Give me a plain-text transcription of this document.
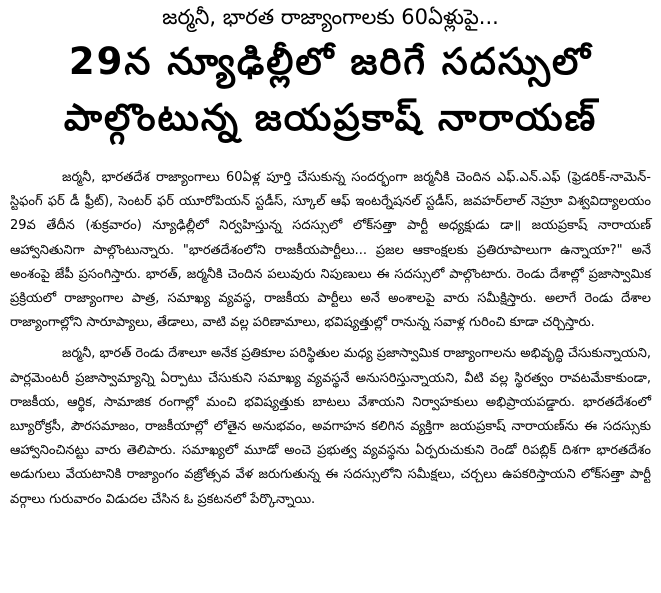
జర్మనీ, భారత రాజ్యాంగాలకు 60ఏళ్లుపై...
29న న్యూఢిల్లీలో జరిగే సదస్సులో
పాల్గొంటున్న జయప్రకాష్ నారాయణ్

జర్మనీ, భారతదేశ రాజ్యాంగాలు 60ఏళ్ల పూర్తి చేసుకున్న సందర్భంగా జర్మనీకి చెందిన ఎఫ్.ఎన్.ఎఫ్ (ఫ్రెడరిక్-నామెన్-స్టిఫంగ్ ఫర్ డీ ఫ్రీట్), సెంటర్ ఫర్ యూరోపియన్ స్టడీస్, స్కూల్ ఆఫ్ ఇంటర్నేషనల్ స్టడీస్, జవహర్‌లాల్ నెహ్రూ విశ్వవిద్యాలయం 29వ తేదీన (శుక్రవారం) న్యూఢిల్లీలో నిర్వహిస్తున్న సదస్సులో లోక్‌సత్తా పార్టీ అధ్యక్షుడు డా॥ జయప్రకాష్ నారాయణ్ ఆహ్వానితునిగా పాల్గొంటున్నారు. "భారతదేశంలోని రాజకీయపార్టీలు... ప్రజల ఆకాంక్షలకు ప్రతిరూపాలుగా ఉన్నాయా?" అనే అంశంపై జేపీ ప్రసంగిస్తారు. భారత్, జర్మనీకి చెందిన పలువురు నిపుణులు ఈ సదస్సులో పాల్గొంటారు. రెండు దేశాల్లో ప్రజాస్వామిక ప్రక్రియలో రాజ్యాంగాల పాత్ర, సమాఖ్య వ్యవస్థ, రాజకీయ పార్టీలు అనే అంశాలపై వారు సమీక్షిస్తారు. అలాగే రెండు దేశాల రాజ్యాంగాల్లోని సారూప్యాలు, తేడాలు, వాటి వల్ల పరిణామాలు, భవిష్యత్తుల్లో రానున్న సవాళ్ల గురించి కూడా చర్చిస్తారు.

జర్మనీ, భారత్ రెండు దేశాలూ అనేక ప్రతికూల పరిస్థితుల మధ్య ప్రజాస్వామిక రాజ్యాంగాలను అభివృద్ధి చేసుకున్నాయని, పార్లమెంటరీ ప్రజాస్వామ్యాన్ని ఏర్పాటు చేసుకుని సమాఖ్య వ్యవస్థనే అనుసరిస్తున్నాయని, వీటి వల్ల స్థిరత్వం రావటమేకాకుండా, రాజకీయ, ఆర్థిక, సామాజిక రంగాల్లో మంచి భవిష్యత్తుకు బాటలు వేశాయని నిర్వాహకులు అభిప్రాయపడ్డారు. భారతదేశంలో బ్యూరోక్రసీ, పౌరసమాజం, రాజకీయాల్లో లోతైన అనుభవం, అవగాహన కలిగిన వ్యక్తిగా జయప్రకాష్ నారాయణ్‌ను ఈ సదస్సుకు ఆహ్వానించినట్టు వారు తెలిపారు. సమాఖ్యలో మూడో అంచె ప్రభుత్వ వ్యవస్థను ఏర్పరుచుకుని రెండో రిపబ్లిక్ దిశగా భారతదేశం అడుగులు వేయటానికి రాజ్యాంగం వజ్రోత్సవ వేళ జరుగుతున్న ఈ సదస్సులోని సమీక్షలు, చర్చలు ఉపకరిస్తాయని లోక్‌సత్తా పార్టీ వర్గాలు గురువారం విడుదల చేసిన ఓ ప్రకటనలో పేర్కొన్నాయి.
